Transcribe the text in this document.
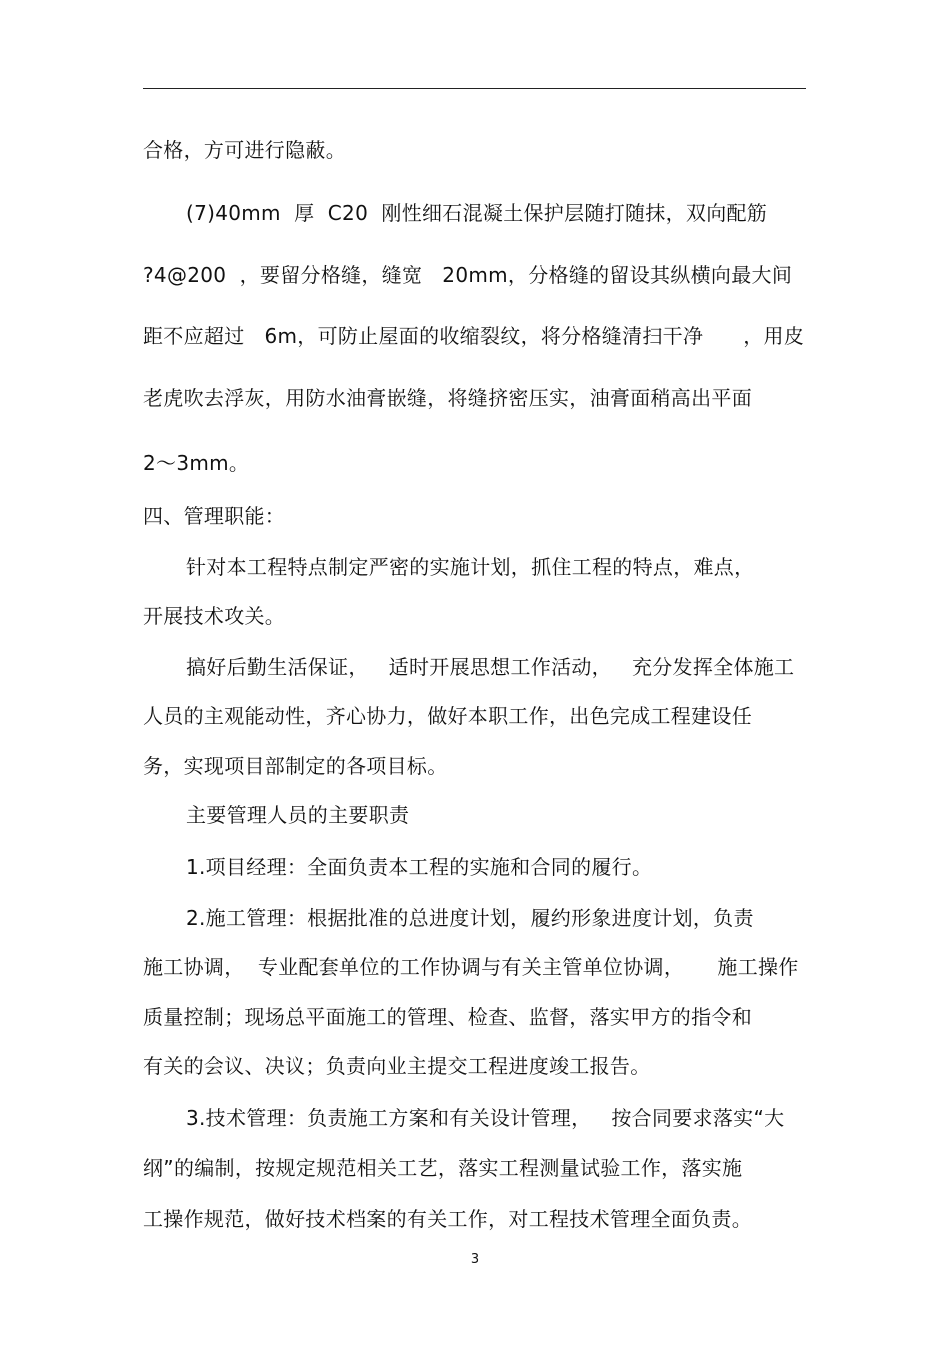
合格，方可进行隐蔽。
(7)40mm  厚  C20  刚性细石混凝土保护层随打随抹，双向配筋
?4@200  ，要留分格缝，缝宽   20mm，分格缝的留设其纵横向最大间
距不应超过   6m，可防止屋面的收缩裂纹，将分格缝清扫干净      ，用皮
老虎吹去浮灰，用防水油膏嵌缝，将缝挤密压实，油膏面稍高出平面
2～3mm。
四、管理职能：
针对本工程特点制定严密的实施计划，抓住工程的特点，难点，
开展技术攻关。
搞好后勤生活保证，   适时开展思想工作活动，   充分发挥全体施工
人员的主观能动性，齐心协力，做好本职工作，出色完成工程建设任
务，实现项目部制定的各项目标。
主要管理人员的主要职责
1.项目经理：全面负责本工程的实施和合同的履行。
2.施工管理：根据批准的总进度计划，履约形象进度计划，负责
施工协调，  专业配套单位的工作协调与有关主管单位协调，     施工操作
质量控制；现场总平面施工的管理、检查、监督，落实甲方的指令和
有关的会议、决议；负责向业主提交工程进度竣工报告。
3.技术管理：负责施工方案和有关设计管理，   按合同要求落实“大
纲”的编制，按规定规范相关工艺，落实工程测量试验工作，落实施
工操作规范，做好技术档案的有关工作，对工程技术管理全面负责。
3
